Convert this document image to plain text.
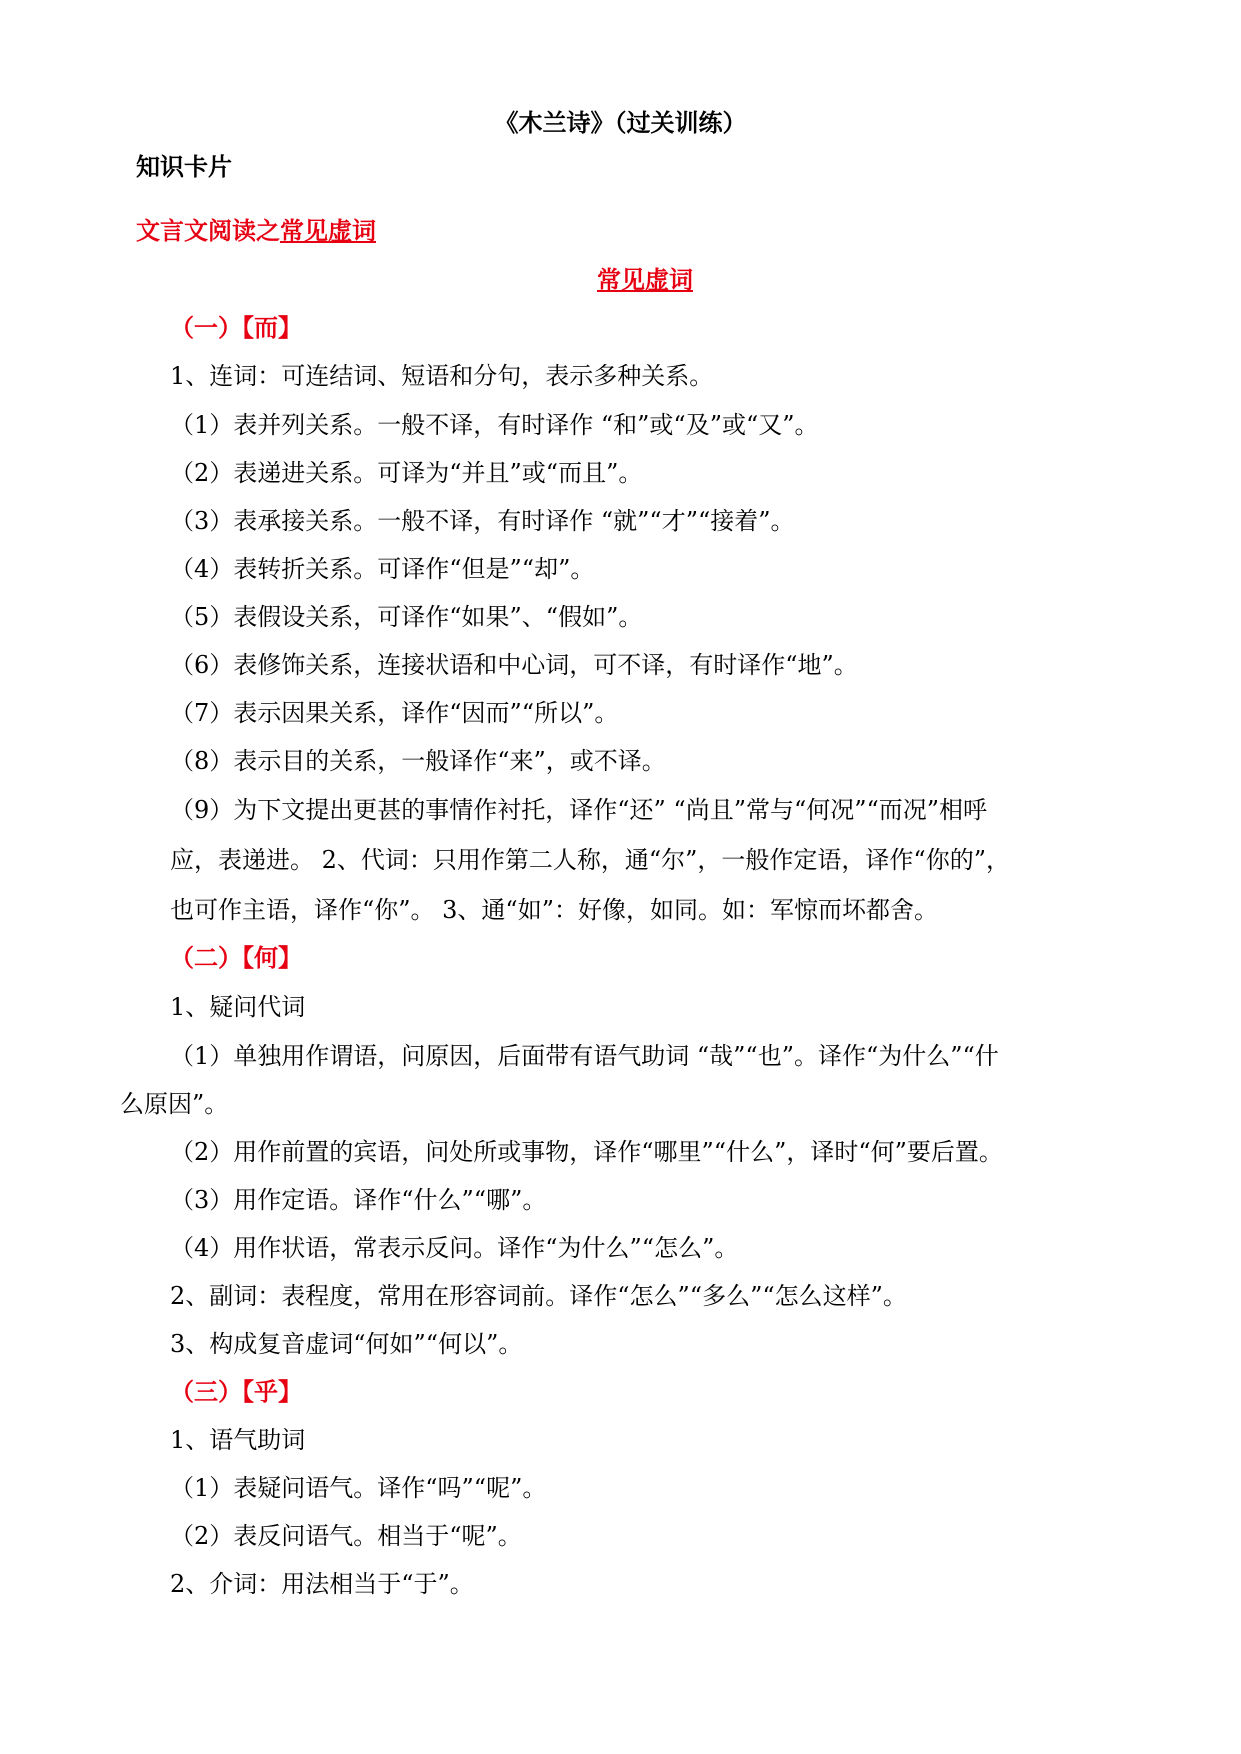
《木兰诗》（过关训练）
知识卡片
文言文阅读之常见虚词
常见虚词
（一）【而】
1、连词：可连结词、短语和分句，表示多种关系。
（1）表并列关系。一般不译，有时译作 “和”或“及”或“又”。
（2）表递进关系。可译为“并且”或“而且”。
（3）表承接关系。一般不译，有时译作 “就”“才”“接着”。
（4）表转折关系。可译作“但是”“却”。
（5）表假设关系，可译作“如果”、“假如”。
（6）表修饰关系，连接状语和中心词，可不译，有时译作“地”。
（7）表示因果关系，译作“因而”“所以”。
（8）表示目的关系，一般译作“来”，或不译。
（9）为下文提出更甚的事情作衬托，译作“还” “尚且”常与“何况”“而况”相呼
应，表递进。 2、代词：只用作第二人称，通“尔”，一般作定语，译作“你的”，
也可作主语，译作“你”。 3、通“如”：好像，如同。如：军惊而坏都舍。
（二）【何】
1、疑问代词
（1）单独用作谓语，问原因，后面带有语气助词 “哉”“也”。译作“为什么”“什
么原因”。
（2）用作前置的宾语，问处所或事物，译作“哪里”“什么”，译时“何”要后置。
（3）用作定语。译作“什么”“哪”。
（4）用作状语，常表示反问。译作“为什么”“怎么”。
2、副词：表程度，常用在形容词前。译作“怎么”“多么”“怎么这样”。
3、构成复音虚词“何如”“何以”。
（三）【乎】
1、语气助词
（1）表疑问语气。译作“吗”“呢”。
（2）表反问语气。相当于“呢”。
2、介词：用法相当于“于”。
